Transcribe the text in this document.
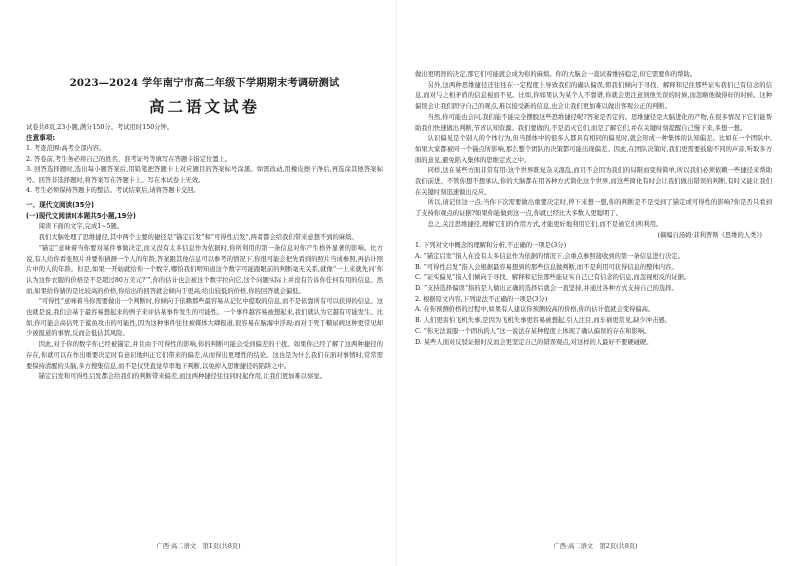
2023—2024 学年南宁市高二年级下学期期末考调研测试
高二语文试卷

试卷共8页,23小题,满分150分。考试用时150分钟。

注意事项:

1. 考查范围:高考全部内容。

2. 答卷前,考生务必将自己的姓名、准考证号等填写在答题卡指定位置上。

3. 回答选择题时,选出每小题答案后,用铅笔把答题卡上对应题目的答案标号涂黑。如需改动,用橡皮擦干净后,再选涂其他答案标号。回答非选择题时,将答案写在答题卡上。写在本试卷上无效。

4. 考生必须保持答题卡的整洁。考试结束后,请将答题卡交回。

一、现代文阅读(35分)

(一)现代文阅读Ⅰ(本题共5小题,19分)

阅读下面的文字,完成1~5题。

我们大脑处理了思维捷径,其中两个主要的捷径是“锚定启发”和“可得性启发”,两者都会给我们带来意想不到的麻烦。

“锚定”意味着当你要对某件事做决定,而又没有太多信息作为依据时,你所利用的第一条信息对你产生格外显著的影响。比方说,有人给你看张照片并要你猜测一个人的年龄,答案跟其他信息可以参考的情况下,你很可能会把先看到的照片当成参照,再估计照片中的人的年龄。但是,如果一开始就给你一个数字,哪怕我们明知道这个数字可能跟眼前的判断毫无关系,就像“一上来就先问‘你认为这件衣服的价格是不是超过80万美元?’”,你的估计也会被这个数字拉向它,这个问题实际上并没有告诉你任何有用的信息。然而,如果给你猜的是比较高的价格,你给出的回答就会倾向于更高;给出较低的价格,你的回答就会偏低。

“可得性”意味着当你需要做出一个判断时,你倾向于依赖那些最容易从记忆中提取的信息,而不是依靠所有可以获得的信息。这也就是说,我们会基于最容易想起来的例子来评估某事件发生的可能性。一个事件越容易被想起来,我们就认为它越有可能发生。比如,你可能会高估死于鲨鱼攻击的可能性,因为这种事件往往被媒体大肆报道,很容易在脑海中浮现;而对于死于糖尿病这种更常见却少被报道的事情,反而会低估其风险。

因此,对于你的数字你已经被锚定,并且由于可得性的影响,你的判断可能会受到偏差的干扰。如果你已经了解了这两种捷径的存在,你就可以在作出重要决定时有意识地纠正它们带来的偏差,从而得出更理性的结论。这也是为什么我们在面对事情时,常常需要保持清醒的头脑,多方搜集信息,而不是仅凭直觉草率地下判断,以免掉入思维捷径的陷阱之中。

锚定启发和可得性启发都会给我们的判断带来偏差,而这两种捷径往往同时起作用,让我们更加难以察觉。

广西·高二语文　第1页(共8页)

做出更明智的决定,那它们可能就会成为你的麻烦。你的大脑会一直试着维持稳定,但它需要你的帮助。

另外,这两种思维捷径还往往在一定程度上导致我们的确认偏误,即我们倾向于寻找、解释和记住那些证实我们已有信念的信息,而对与之相矛盾的信息视而不见。比如,你如果认为某个人不靠谱,你就会更注意到他失误的时候,而忽略他做得好的时候。这种偏误会让我们固守自己的观点,难以接受新的信息,也会让我们更加难以做出客观公正的判断。

当然,你可能也会问,我们能不能完全摆脱这些思维捷径呢?答案是否定的。思维捷径是大脑进化的产物,在很多情况下它们能帮助我们快速做出判断,节省认知资源。我们要做的,不是消灭它们,而是了解它们,并在关键时刻提醒自己慢下来,多想一想。

认识偏见是个别人的个体行为,但当群体中的很多人都具有相同的偏见时,就会形成一种集体的认知偏差。比如在一个团队中,如果大家都被同一个锚点所影响,那么整个团队的决策都可能出现偏差。因此,在团队决策时,我们更需要鼓励不同的声音,听取多方面的意见,避免陷入集体的思维定式之中。

同样,这在某些方面非常有用:这个世界既复杂又混乱,而且不会因为我们的局限而变得简单,所以我们必须依赖一些捷径来帮助我们前进。不管你想不想承认,你的大脑都在用各种方式简化这个世界,而这些简化有时会让我们做出错误的判断,有时又能让我们在关键时刻迅速做出反应。

所以,请记住这一点:当你下次需要做出重要决定时,停下来想一想,你的判断是不是受到了锚定或可得性的影响?你是否只看到了支持你观点的证据?如果你能做到这一点,你就已经比大多数人更聪明了。

总之,关注思维捷径,理解它们的作用方式,才能更好地利用它们,而不是被它们所利用。

(摘编自汤姆·菲利普斯《思维的人类》)

1. 下列对文中概念的理解和分析,不正确的一项是(3分)

A. “锚定启发”指人在没有太多信息作为依据的情况下,会重点参照接收到的第一条信息进行决定。

B. “可得性启发”指人会根据最容易想到的那些信息做判断,而不是利用可获得信息的整体内容。

C. “证实偏见”指人们倾向于寻找、解释和记住那些能证实自己已有信念的信息,而忽视相反的证据。

D. “支持选择偏误”指的是人做出正确的选择后就会一直坚持,并通过各种方式支持自己的选择。

2. 根据原文内容,下列说法不正确的一项是(3分)

A. 在你预测价格的过程中,如果有人建议你预测较高的价格,你的估计值就会变得偏高。

B. 人们更害怕飞机失事,是因为飞机失事更容易被想起,引人注目,而车祸更常见,缺少冲击感。

C. “你无法说服一个固执的人”这一说法在某种程度上体现了确认偏误的存在和影响。

D. 某些人面对反驳证据时反而会更坚定自己的错误观点,对这样的人最好不要硬碰硬。

广西·高二语文　第2页(共8页)
